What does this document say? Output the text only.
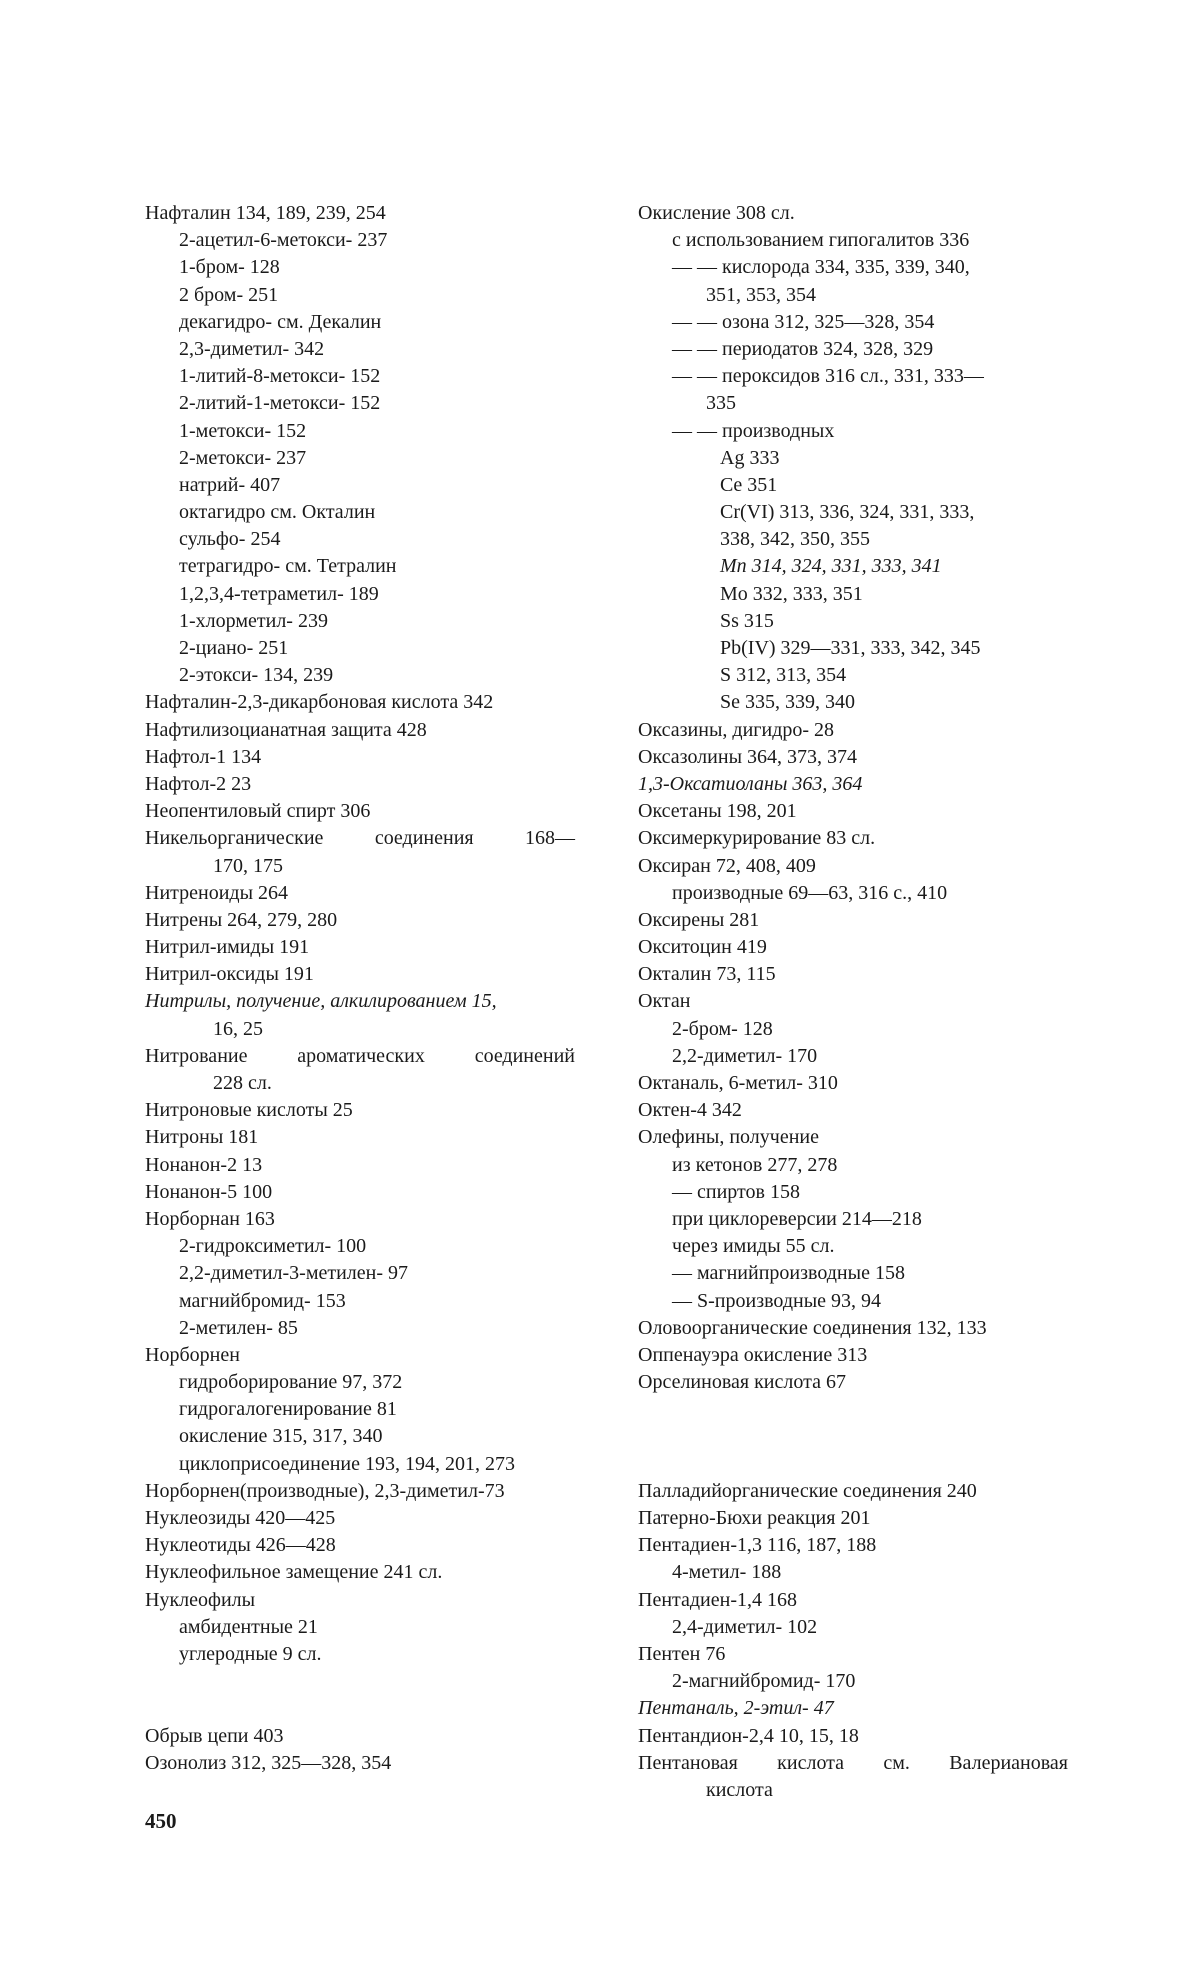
Нафталин 134, 189, 239, 254
2-ацетил-6-метокси- 237
1-бром- 128
2 бром- 251
декагидро- см. Декалин
2,3-диметил- 342
1-литий-8-метокси- 152
2-литий-1-метокси- 152
1-метокси- 152
2-метокси- 237
натрий- 407
октагидро см. Окталин
сульфо- 254
тетрагидро- см. Тетралин
1,2,3,4-тетраметил- 189
1-хлорметил- 239
2-циано- 251
2-этокси- 134, 239
Нафталин-2,3-дикарбоновая кислота 342
Нафтилизоцианатная защита 428
Нафтол-1 134
Нафтол-2 23
Неопентиловый спирт 306
Никельорганические соединения 168—
170, 175
Нитреноиды 264
Нитрены 264, 279, 280
Нитрил-имиды 191
Нитрил-оксиды 191
Нитрилы, получение, алкилированием 15,
16, 25
Нитрование ароматических соединений
228 сл.
Нитроновые кислоты 25
Нитроны 181
Нонанон-2 13
Нонанон-5 100
Норборнан 163
2-гидроксиметил- 100
2,2-диметил-3-метилен- 97
магнийбромид- 153
2-метилен- 85
Норборнен
гидроборирование 97, 372
гидрогалогенирование 81
окисление 315, 317, 340
циклоприсоединение 193, 194, 201, 273
Норборнен(производные), 2,3-диметил-73
Нуклеозиды 420—425
Нуклеотиды 426—428
Нуклеофильное замещение 241 сл.
Нуклеофилы
амбидентные 21
углеродные 9 сл.
Обрыв цепи 403
Озонолиз 312, 325—328, 354
Окисление 308 сл.
с использованием гипогалитов 336
— — кислорода 334, 335, 339, 340,
351, 353, 354
— — озона 312, 325—328, 354
— — периодатов 324, 328, 329
— — пероксидов 316 сл., 331, 333—
335
— — производных
Ag 333
Ce 351
Cr(VI) 313, 336, 324, 331, 333,
338, 342, 350, 355
Mn 314, 324, 331, 333, 341
Mo 332, 333, 351
Ss 315
Pb(IV) 329—331, 333, 342, 345
S 312, 313, 354
Se 335, 339, 340
Оксазины, дигидро- 28
Оксазолины 364, 373, 374
1,3-Оксатиоланы 363, 364
Оксетаны 198, 201
Оксимеркурирование 83 сл.
Оксиран 72, 408, 409
производные 69—63, 316 с., 410
Оксирены 281
Окситоцин 419
Окталин 73, 115
Октан
2-бром- 128
2,2-диметил- 170
Октаналь, 6-метил- 310
Октен-4 342
Олефины, получение
из кетонов 277, 278
— спиртов 158
при циклореверсии 214—218
через имиды 55 сл.
— магнийпроизводные 158
— S-производные 93, 94
Оловоорганические соединения 132, 133
Оппенауэра окисление 313
Орселиновая кислота 67
Палладийорганические соединения 240
Патерно-Бюхи реакция 201
Пентадиен-1,3 116, 187, 188
4-метил- 188
Пентадиен-1,4 168
2,4-диметил- 102
Пентен 76
2-магнийбромид- 170
Пентаналь, 2-этил- 47
Пентандион-2,4 10, 15, 18
Пентановая кислота см. Валериановая
кислота
450
